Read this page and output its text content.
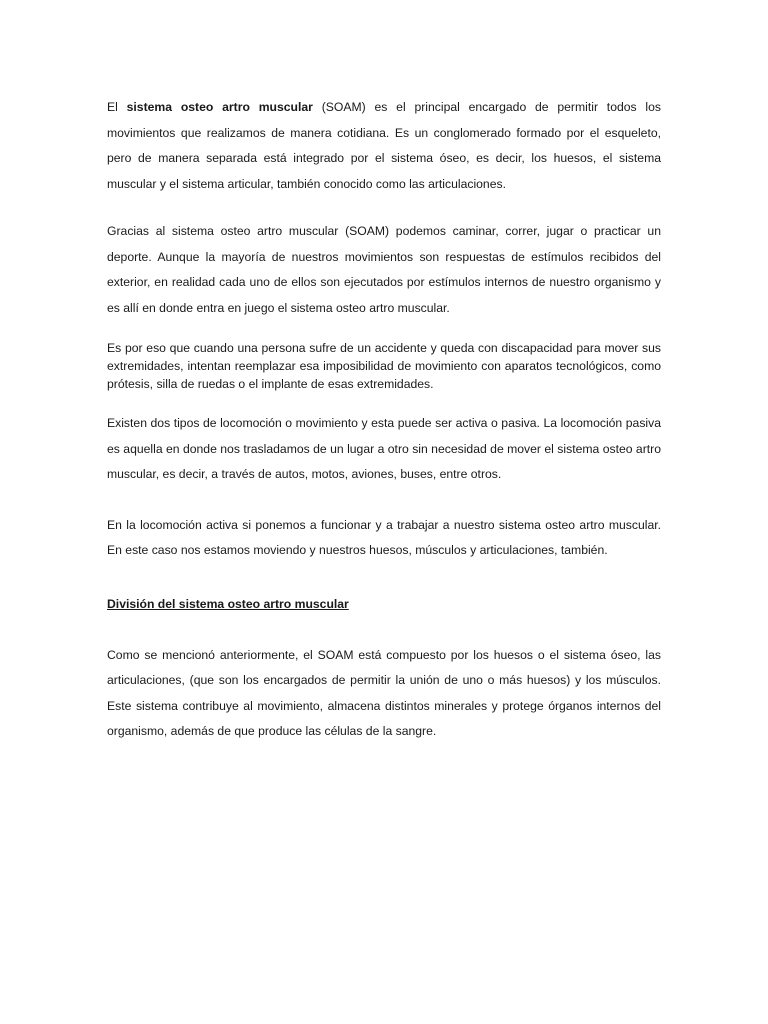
El sistema osteo artro muscular (SOAM) es el principal encargado de permitir todos los movimientos que realizamos de manera cotidiana. Es un conglomerado formado por el esqueleto, pero de manera separada está integrado por el sistema óseo, es decir, los huesos, el sistema muscular y el sistema articular, también conocido como las articulaciones.

Gracias al sistema osteo artro muscular (SOAM) podemos caminar, correr, jugar o practicar un deporte. Aunque la mayoría de nuestros movimientos son respuestas de estímulos recibidos del exterior, en realidad cada uno de ellos son ejecutados por estímulos internos de nuestro organismo y es allí en donde entra en juego el sistema osteo artro muscular.

Es por eso que cuando una persona sufre de un accidente y queda con discapacidad para mover sus extremidades, intentan reemplazar esa imposibilidad de movimiento con aparatos tecnológicos, como prótesis, silla de ruedas o el implante de esas extremidades.

Existen dos tipos de locomoción o movimiento y esta puede ser activa o pasiva. La locomoción pasiva es aquella en donde nos trasladamos de un lugar a otro sin necesidad de mover el sistema osteo artro muscular, es decir, a través de autos, motos, aviones, buses, entre otros.

En la locomoción activa si ponemos a funcionar y a trabajar a nuestro sistema osteo artro muscular. En este caso nos estamos moviendo y nuestros huesos, músculos y articulaciones, también.

División del sistema osteo artro muscular

Como se mencionó anteriormente, el SOAM está compuesto por los huesos o el sistema óseo, las articulaciones, (que son los encargados de permitir la unión de uno o más huesos) y los músculos. Este sistema contribuye al movimiento, almacena distintos minerales y protege órganos internos del organismo, además de que produce las células de la sangre.
